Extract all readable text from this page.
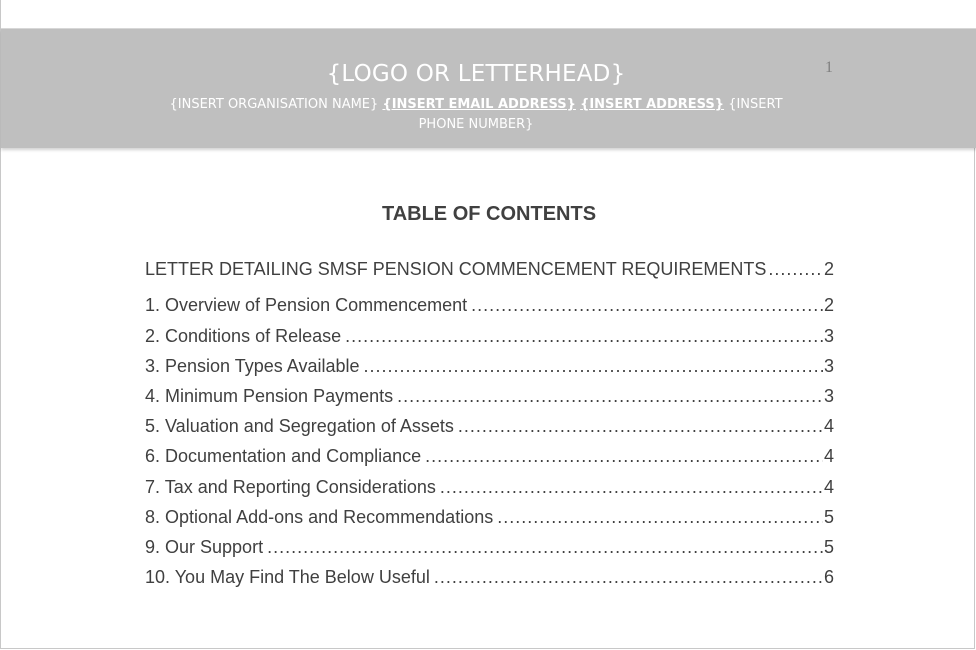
{LOGO OR LETTERHEAD}
{INSERT ORGANISATION NAME} {INSERT EMAIL ADDRESS} {INSERT ADDRESS} {INSERT PHONE NUMBER}
1
TABLE OF CONTENTS
LETTER DETAILING SMSF PENSION COMMENCEMENT REQUIREMENTS .....	2
1. Overview of Pension Commencement .....	2
2. Conditions of Release .....	3
3. Pension Types Available .....	3
4. Minimum Pension Payments .....	3
5. Valuation and Segregation of Assets .....	4
6. Documentation and Compliance .....	4
7. Tax and Reporting Considerations .....	4
8. Optional Add-ons and Recommendations .....	5
9. Our Support .....	5
10. You May Find The Below Useful .....	6
